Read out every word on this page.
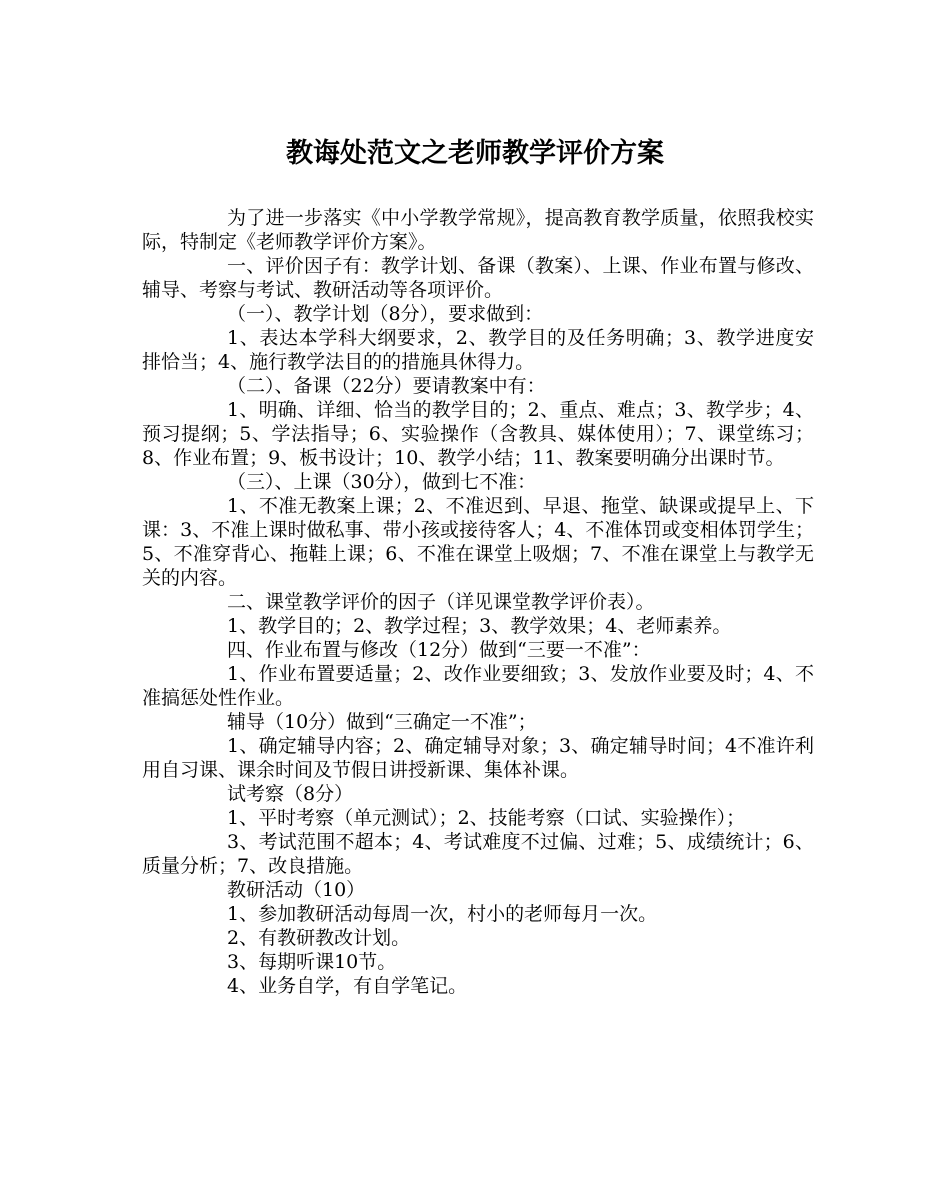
教诲处范文之老师教学评价方案

为了进一步落实《中小学教学常规》，提高教育教学质量，依照我校实际，特制定《老师教学评价方案》。

一、评价因子有：教学计划、备课（教案）、上课、作业布置与修改、辅导、考察与考试、教研活动等各项评价。

（一）、教学计划（8分），要求做到：

1、表达本学科大纲要求，2、教学目的及任务明确；3、教学进度安排恰当；4、施行教学法目的的措施具休得力。

（二）、备课（22分）要请教案中有：

1、明确、详细、恰当的教学目的；2、重点、难点；3、教学步；4、预习提纲；5、学法指导；6、实验操作（含教具、媒体使用）；7、课堂练习；8、作业布置；9、板书设计；10、教学小结；11、教案要明确分出课时节。

（三）、上课（30分），做到七不准：

1、不准无教案上课；2、不准迟到、早退、拖堂、缺课或提早上、下课：3、不准上课时做私事、带小孩或接待客人；4、不准体罚或变相体罚学生；5、不准穿背心、拖鞋上课；6、不准在课堂上吸烟；7、不准在课堂上与教学无关的内容。

二、课堂教学评价的因子（详见课堂教学评价表）。

1、教学目的；2、教学过程；3、教学效果；4、老师素养。

四、作业布置与修改（12分）做到“三要一不准”：

1、作业布置要适量；2、改作业要细致；3、发放作业要及时；4、不准搞惩处性作业。

辅导（10分）做到“三确定一不准”；

1、确定辅导内容；2、确定辅导对象；3、确定辅导时间；4不准许利用自习课、课余时间及节假日讲授新课、集体补课。

试考察（8分）

1、平时考察（单元测试）；2、技能考察（口试、实验操作）；

3、考试范围不超本；4、考试难度不过偏、过难；5、成绩统计；6、质量分析；7、改良措施。

教研活动（10）

1、参加教研活动每周一次，村小的老师每月一次。

2、有教研教改计划。

3、每期听课10节。

4、业务自学，有自学笔记。
